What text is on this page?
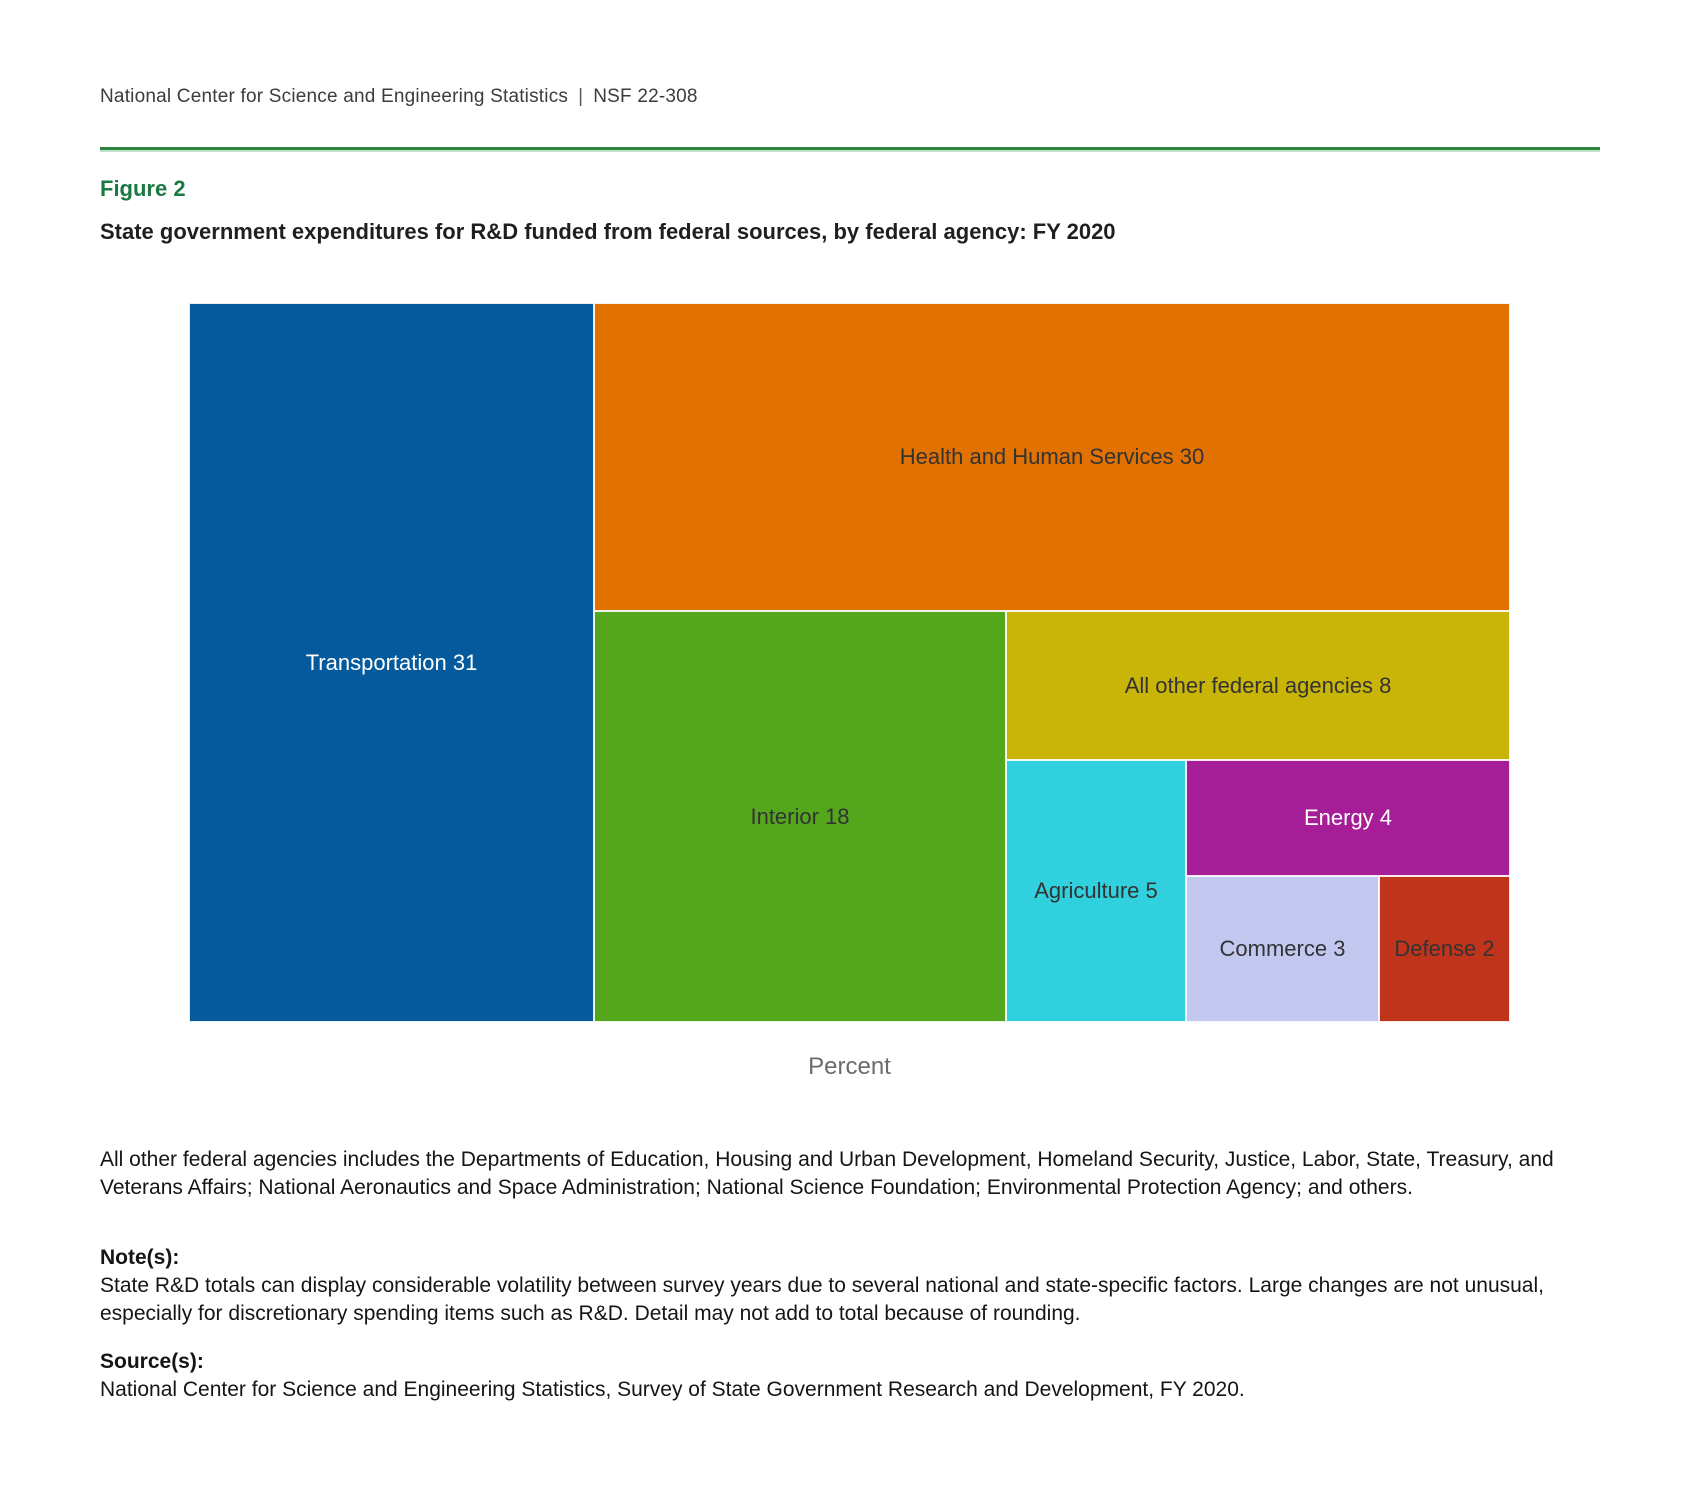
National Center for Science and Engineering Statistics | NSF 22-308
Figure 2
State government expenditures for R&D funded from federal sources, by federal agency: FY 2020
Transportation 31
Health and Human Services 30
Interior 18
All other federal agencies 8
Agriculture 5
Energy 4
Commerce 3 Defense 2
Percent
All other federal agencies includes the Departments of Education, Housing and Urban Development, Homeland Security, Justice, Labor, State, Treasury, and Veterans Affairs; National Aeronautics and Space Administration; National Science Foundation; Environmental Protection Agency; and others.
Note(s):
State R&D totals can display considerable volatility between survey years due to several national and state-specific factors. Large changes are not unusual, especially for discretionary spending items such as R&D. Detail may not add to total because of rounding.
Source(s):
National Center for Science and Engineering Statistics, Survey of State Government Research and Development, FY 2020.
